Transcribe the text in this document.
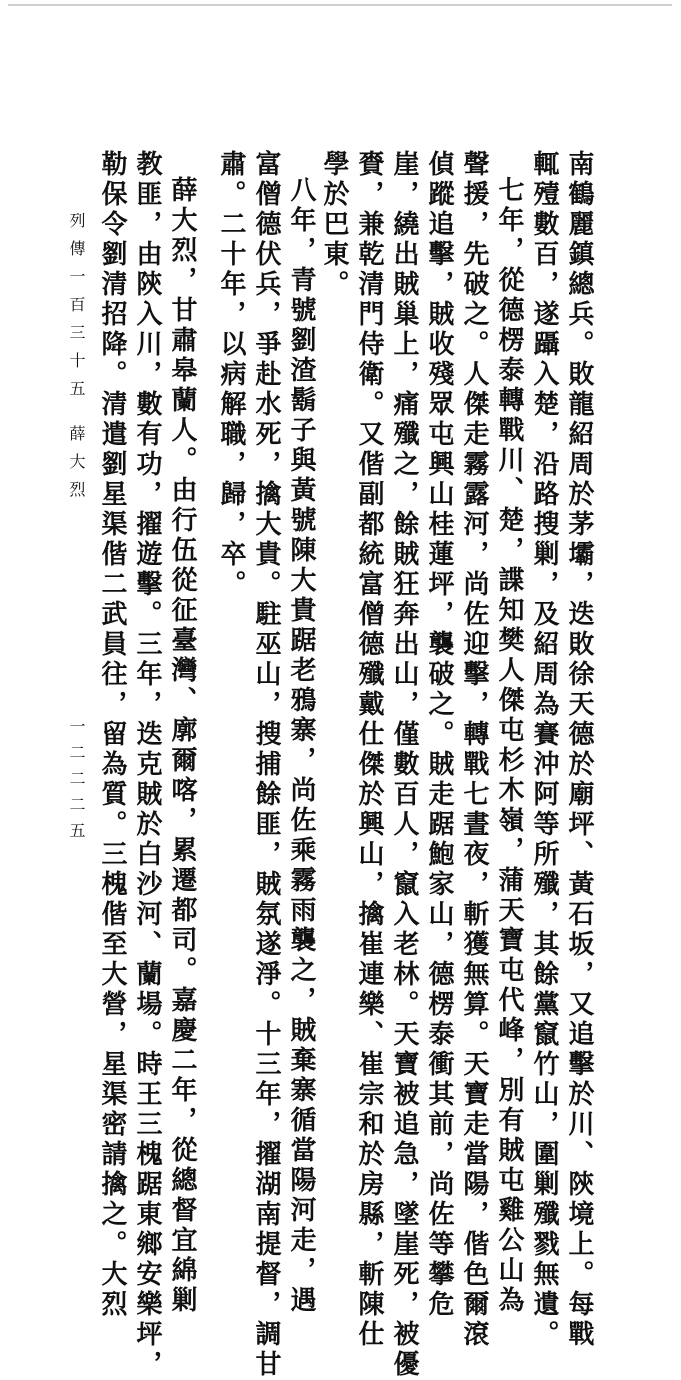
南鶴麗鎮總兵。敗龍紹周於茅壩，迭敗徐天德於廟坪、黃石坂，又追擊於川、陝境上。每戰
輒殪數百，遂躡入楚，沿路搜剿，及紹周為賽沖阿等所殲，其餘黨竄竹山，圍剿殲戮無遺。
七年，從德楞泰轉戰川、楚，諜知樊人傑屯杉木嶺，蒲天寶屯代峰，別有賊屯雞公山為
聲援，先破之。人傑走霧露河，尚佐迎擊，轉戰七晝夜，斬獲無算。天寶走當陽，偕色爾滾
偵蹤追擊，賊收殘眾屯興山桂蓮坪，襲破之。賊走踞鮑家山，德楞泰衝其前，尚佐等攀危
崖，繞出賊巢上，痛殲之，餘賊狂奔出山，僅數百人，竄入老林。天寶被追急，墜崖死，被優
賚，兼乾清門侍衛。又偕副都統富僧德殲戴仕傑於興山，擒崔連樂、崔宗和於房縣，斬陳仕
學於巴東。
八年，青號劉渣鬍子與黃號陳大貴踞老鴉寨，尚佐乘霧雨襲之，賊棄寨循當陽河走，遇
富僧德伏兵，爭赴水死，擒大貴。駐巫山，搜捕餘匪，賊氛遂淨。十三年，擢湖南提督，調甘
肅。二十年，以病解職，歸，卒。
薛大烈，甘肅皋蘭人。由行伍從征臺灣、廓爾喀，累遷都司。嘉慶二年，從總督宜綿剿
教匪，由陝入川，數有功，擢遊擊。三年，迭克賊於白沙河、蘭場。時王三槐踞東鄉安樂坪，
勒保令劉清招降。清遣劉星渠偕二武員往，留為質。三槐偕至大營，星渠密請擒之。大烈
列傳一百三十五 薛大烈
一二二二五
